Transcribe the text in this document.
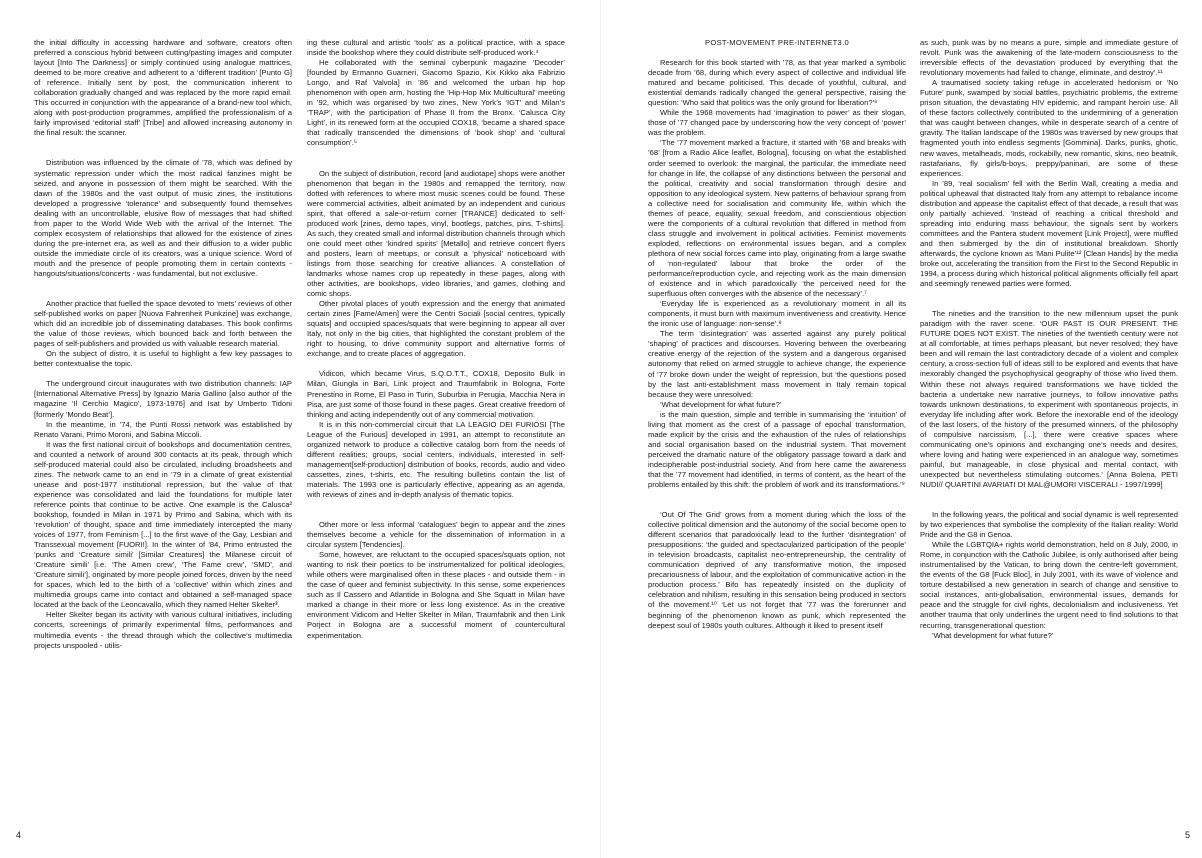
the initial difficulty in accessing hardware and software, creators often preferred a conscious hybrid between cutting/pasting images and computer layout [Into The Darkness] or simply continued using analogue mattrices, deemed to be more creative and adherent to a ‘different tradition’ [Punto G] of reference. Initially sent by post, the communication inherent to collaboration gradually changed and was replaced by the more rapid email. This occurred in conjunction with the appearance of a brand-new tool which, along with post-production programmes, amplified the professionalism of a fairly improvised ‘editorial staff’ [Tribe] and allowed increasing autonomy in the final result: the scanner.

Distribution was influenced by the climate of ’78, which was defined by systematic repression under which the most radical fanzines might be seized, and anyone in possession of them might be searched. With the dawn of the 1980s and the vast output of music zines, the institutions developed a progressive ‘tolerance’ and subsequently found themselves dealing with an uncontrollable, elusive flow of messages that had shifted from paper to the World Wide Web with the arrival of the Internet. The complex ecosystem of relationships that allowed for the existence of zines during the pre-internet era, as well as and their diffusion to a wider public outside the immediate circle of its creators, was a unique science. Word of mouth and the presence of people promoting them in certain contexts - hangouts/situations/concerts - was fundamental, but not exclusive.

Another practice that fuelled the space devoted to ‘mets’ reviews of other self-published works on paper [Nuova Fahrenheit Punkzine] was exchange, which did an incredible job of disseminating databases. This book confirms the value of those reviews, which bounced back and forth between the pages of self-publishers and provided us with valuable research material.

On the subject of distro, it is useful to highlight a few key passages to better contextualise the topic.

The underground circuit inaugurates with two distribution channels: IAP [International Alternative Press] by Ignazio Maria Gallino [also author of the magazine ‘Il Cerchio Magico’, 1973-1976] and Isat by Umberto Tidoni [formerly ‘Mondo Beat’].

In the meantime, in ’74, the Punti Rossi network was established by Renato Varani, Primo Moroni, and Sabina Miccoli.

It was the first national circuit of bookshops and documentation centres, and counted a network of around 300 contacts at its peak, through which self-produced material could also be circulated, including broadsheets and zines. The network came to an end in ’79 in a climate of great existential unease and post-1977 institutional repression, but the value of that experience was consolidated and laid the foundations for multiple later reference points that continue to be active. One example is the Calusca² bookshop, founded in Milan in 1971 by Primo and Sabina, which with its ‘revolution’ of thought, space and time immediately intercepted the many voices of 1977, from Feminism [...] to the first wave of the Gay, Lesbian and Transsexual movement [FUORI!]. In the winter of ’84, Primo entrusted the ‘punks and ‘Creature simili’ [Similar Creatures] the Milanese circuit of ‘Creature simili’ [i.e. ‘The Amen crew’, ‘The Fame crew’, ‘SMD’, and ‘Creature simili’], originated by more people joined forces, driven by the need for spaces, which led to the birth of a ‘collective’ within which zines and multimedia groups came into contact and obtained a self-managed space located at the back of the Leoncavallo, which they named Helter Skelter³.

Helter Skelter began its activity with various cultural initiatives, including concerts, screenings of primarily experimental films, performances and multimedia events - the thread through which the collective’s multimedia projects unspooled - utilis-

ing these cultural and artistic ‘tools’ as a political practice, with a space inside the bookshop where they could distribute self-produced work.⁴

He collaborated with the seminal cyberpunk magazine ‘Decoder’ [founded by Ermanno Guarneri, Giacomo Spazio, Kix Kikko aka Fabrizio Longo, and Raf Valvola] in ’86 and welcomed the urban hip hop phenomenon with open arm, hosting the ‘Hip-Hop Mix Multicultural’ meeting in ’92, which was organised by two zines, New York’s ‘IGT’ and Milan’s ‘TRAP’, with the participation of Phase II from the Bronx. ‘Calusca City Light’, in its renewed form at the occupied COX18, ‘became a shared space that radically transcended the dimensions of ‘book shop’ and ‘cultural consumption’.⁵

On the subject of distribution, record [and audiotape] shops were another phenomenon that began in the 1980s and remapped the territory, now dotted with references to where most music scenes could be found. These were commercial activities, albeit animated by an independent and curious spirit, that offered a sale-or-return corner [TRANCE] dedicated to self-produced work [zines, demo tapes, vinyl, bootlegs, patches, pins, T-shirts]. As such, they created small and informal distribution channels through which one could meet other ‘kindred spirits’ [Metallo] and retrieve concert flyers and posters, learn of meetups, or consult a ‘physical’ noticeboard with listings from those searching for creative alliances. A constellation of landmarks whose names crop up repeatedly in these pages, along with other activities, are bookshops, video libraries, and games, clothing and comic shops.

Other pivotal places of youth expression and the energy that animated certain zines [Fame/Amen] were the Centri Sociali [social centres, typically squats] and occupied spaces/squats that were beginning to appear all over Italy, not only in the big cities, that highlighted the constant problem of the right to housing, to drive community support and alternative forms of exchange, and to create places of aggregation.

Vidicon, which became Virus, S.Q.O.T.T., COX18, Deposito Bulk in Milan, Giungla in Bari, Link project and Traumfabrik in Bologna, Forte Prenestino in Rome, El Paso in Turin, Suburbia in Perugia, Macchia Nera in Pisa, are just some of those found in these pages. Great creative freedom of thinking and acting independently out of any commercial motivation.

It is in this non-commercial circuit that LA LEAGIO DEI FURIOSI [The League of the Furious] developed in 1991, an attempt to reconstitute an organized network to produce a collective catalog born from the needs of different realities; groups, social centers, individuals, interested in self-management[self-production] distribution of books, records, audio and video cassettes, zines, t-shirts, etc. The resulting bulletins contain the list of materials. The 1993 one is particularly effective, appearing as an agenda, with reviews of zines and in-depth analysis of thematic topics.

Other more or less informal ‘catalogues’ begin to appear and the zines themselves become a vehicle for the dissemination of information in a circular system [Tendencies].

Some, however, are reluctant to the occupied spaces/squats option, not wanting to risk their poetics to be instrumentalized for political ideologies, while others were marginalised often in these places - and outside them - in the case of queer and feminist subjectivity. In this sense, some experiences such as Il Cassero and Atlantide in Bologna and She Squatt in Milan have marked a change in their more or less long existence. As in the creative environment Vidicom and Helter Skelter in Milan, Traumfabrik and then Link Porject in Bologna are a successful moment of countercultural experimentation.

4
POST-MOVEMENT PRE-INTERNET3.0

Research for this book started with ’78, as that year marked a symbolic decade from ’68, during which every aspect of collective and individual life matured and became politicised. This decade of youthful, cultural, and existential demands radically changed the general perspective, raising the question: ‘Who said that politics was the only ground for liberation?’⁶

While the 1968 movements had ‘imagination to power’ as their slogan, those of ’77 changed pace by underscoring how the very concept of ‘power’ was the problem.

‘The ’77 movement marked a fracture, it started with ’68 and breaks with ’68’ [from a Radio Alice leaflet, Bologna], focusing on what the established order seemed to overlook: the marginal, the particular, the immediate need for change in life, the collapse of any distinctions between the personal and the political, creativity and social transformation through desire and opposition to any ideological system. New patterns of behaviour sprang from a collective need for socialisation and community life, within which the themes of peace, equality, sexual freedom, and conscientious objection were the components of a cultural revolution that differed in method from class struggle and involvement in political activities. Feminist movements exploded, reflections on environmental issues began, and a complex plethora of new social forces came into play, originating from a large swathe of ‘non-regulated’ labour that broke the order of the performance/reproduction cycle, and rejecting work as the main dimension of existence and in which paradoxically ‘the perceived need for the superfluous often converges with the absence of the necessary’.⁷

‘Everyday life is experienced as a revolutionary moment in all its components, it must burn with maximum inventiveness and creativity. Hence the ironic use of language: non-sense’.⁸

The term ‘disintegration’ was asserted against any purely political ‘shaping’ of practices and discourses. Hovering between the overbearing creative energy of the rejection of the system and a dangerous organised autonomy that relied on armed struggle to achieve change, the experience of ’77 broke down under the weight of repression, but ‘the questions posed by the last anti-establishment mass movement in Italy remain topical because they were unresolved:

‘What development for what future?’

is the main question, simple and terrible in summarising the ‘intuition’ of living that moment as the crest of a passage of epochal transformation, made explicit by the crisis and the exhaustion of the rules of relationships and social organisation based on the industrial system. That movement perceived the dramatic nature of the obligatory passage toward a dark and indecipherable post-industrial society. And from here came the awareness that the ’77 movement had identified, in terms of content, as the heart of the problems entailed by this shift: the problem of work and its transformations.’⁹

‘Out Of The Grid’ grows from a moment during which the loss of the collective political dimension and the autonomy of the social become open to different scenarios that paradoxically lead to the further ‘disintegration’ of presuppositions: ‘the guided and spectacularized participation of the people’ in television broadcasts, capitalist neo-entrepreneurship, the centrality of communication deprived of any transformative motion, the imposed precariousness of labour, and the exploitation of communicative action in the production process.’ Bifo has repeatedly insisted on the duplicity of celebration and nihilism, resulting in this sensation being produced in sectors of the movement.¹⁰ ‘Let us not forget that ’77 was the forerunner and beginning of the phenomenon known as punk, which represented the deepest soul of 1980s youth cultures. Although it liked to present itself

as such, punk was by no means a pure, simple and immediate gesture of revolt. Punk was the awakening of the late-modern consciousness to the irreversible effects of the devastation produced by everything that the revolutionary movements had failed to change, eliminate, and destroy’.¹¹

A traumatised society taking refuge in accelerated hedonism or ‘No Future’ punk, swamped by social battles, psychiatric problems, the extreme prison situation, the devastating HIV epidemic, and rampant heroin use. All of these factors collectively contributed to the undermining of a generation that was caught between changes, while in desperate search of a centre of gravity. The Italian landscape of the 1980s was traversed by new groups that fragmented youth into endless segments [Gommina]. Darks, punks, ghotic, new waves, metalheads, mods, rockabilly, new romantic, skins, neo beatnik, rastafarians, fly girls/b-boys, preppy/paninari, are some of these experiences.

In ’89, ‘real socialism’ fell with the Berlin Wall, creating a media and political upheaval that distracted Italy from any attempt to rebalance income distribution and appease the capitalist effect of that decade, a result that was only partially achieved. ‘Instead of reaching a critical threshold and spreading into enduring mass behaviour, the signals sent by workers committees and the Pantera student movement [Link Project], were muffled and then submerged by the din of institutional breakdown. Shortly afterwards, the cyclone known as ‘Mani Pulite’¹² [Clean Hands] by the media broke out, accelerating the transition from the First to the Second Republic in 1994, a process during which historical political alignments officially fell apart and seemingly renewed parties were formed.

The nineties and the transition to the new millennium upset the punk paradigm with the raver scene. ‘OUR PAST IS OUR PRESENT. THE FUTURE DOES NOT EXIST. The nineties of the twentieth century were not at all comfortable, at times perhaps pleasant, but never resolved; they have been and will remain the last contradictory decade of a violent and complex century, a cross-section full of ideas still to be explored and events that have inexorably changed the psychophysical geography of those who lived them. Within these not always required transformations we have tickled the bacteria a undertake new narrative journeys, to follow innovative paths towards unknown destinations, to experiment with spontaneous projects, in everyday life including after work. Before the inexorable end of the ideology of the last losers, of the history of the presumed winners, of the philosophy of compulsive narcissism, [...], there were creative spaces where communicating one’s opinions and exchanging one’s needs and desires, where loving and hating were experienced in an analogue way, sometimes painful, but manageable, in close physical and mental contact, with unexpected but nevertheless stimulating outcomes.’ [Anna Bolena, PETI NUDI// QUARTINI AVARIATI DI MAL@UMORI VISCERALI - 1997/1999]

In the following years, the political and social dynamic is well represented by two experiences that symbolise the complexity of the Italian reality: World Pride and the G8 in Genoa.

While the LGBTQIA+ rights world demonstration, held on 8 July, 2000, in Rome, in conjunction with the Catholic Jubilee, is only authorised after being instrumentalised by the Vatican, to bring down the centre-left government, the events of the G8 [Fuck Bloc], in July 2001, with its wave of violence and torture destabilised a new generation in search of change and sensitive to social instances, anti-globalisation, environmental issues, demands for peace and the struggle for civil rights, decolonialism and inclusiveness. Yet another trauma that only underlines the urgent need to find solutions to that recurring, transgenerational question:

‘What development for what future?’

5
